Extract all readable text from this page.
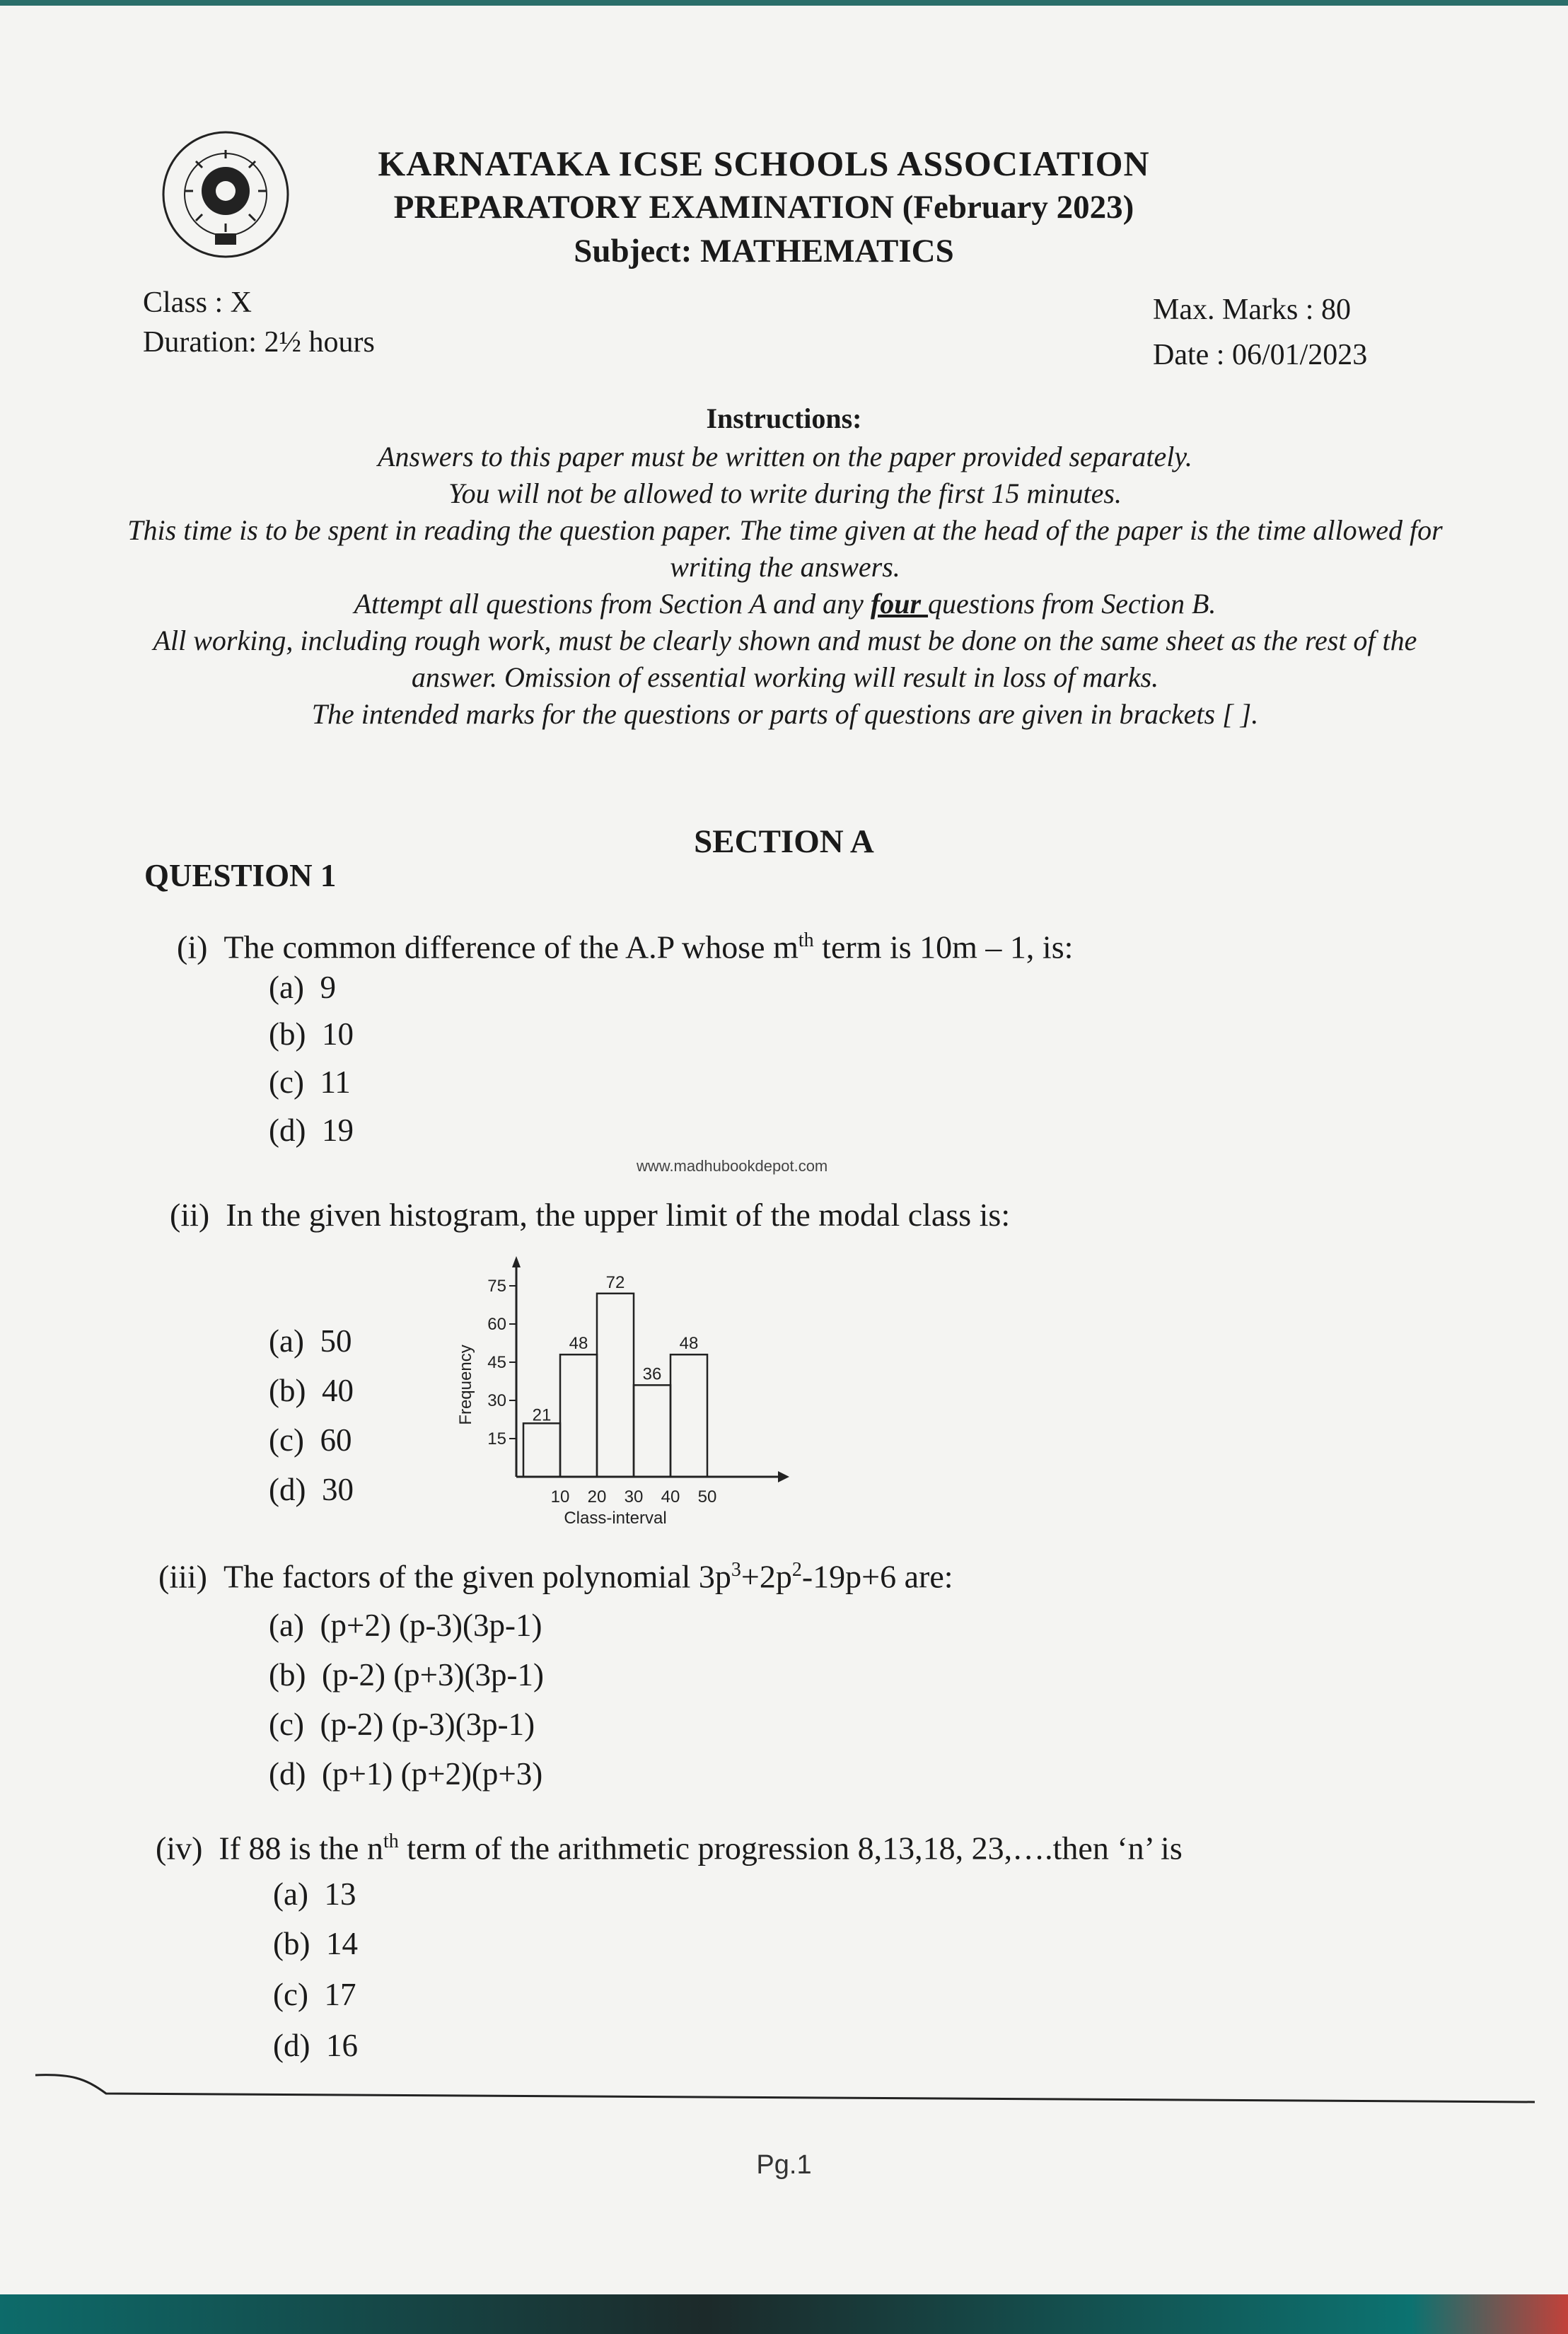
KARNATAKA ICSE SCHOOLS ASSOCIATION
PREPARATORY EXAMINATION (February 2023)
Subject: MATHEMATICS
Class : X
Duration: 2½ hours
Max. Marks : 80
Date : 06/01/2023
Instructions:

Answers to this paper must be written on the paper provided separately.

You will not be allowed to write during the first 15 minutes.

This time is to be spent in reading the question paper. The time given at the head of the paper is the time allowed for writing the answers.

Attempt all questions from Section A and any four questions from Section B.

All working, including rough work, must be clearly shown and must be done on the same sheet as the rest of the answer. Omission of essential working will result in loss of marks.

The intended marks for the questions or parts of questions are given in brackets [ ].

SECTION A
QUESTION 1
(i) The common difference of the A.P whose $m^{th}$ term is 10m – 1, is:
(a) 9
(b) 10
(c) 11
(d) 19
www.madhubookdepot.com
(ii) In the given histogram, the upper limit of the modal class is:
(a) 50
(b) 40
(c) 60
(d) 30
15
30
45
60
75
21
48
72
36
48
10 20 30 40 50
Class-interval
Frequency
(iii) The factors of the given polynomial $3p^3+2p^2-19p+6$ are:
(a) (p+2) (p-3)(3p-1)
(b) (p-2) (p+3)(3p-1)
(c) (p-2) (p-3)(3p-1)
(d) (p+1) (p+2)(p+3)
(iv) If 88 is the $n^{th}$ term of the arithmetic progression 8,13,18, 23,….then ‘n’ is
(a) 13
(b) 14
(c) 17
(d) 16
Pg.1
